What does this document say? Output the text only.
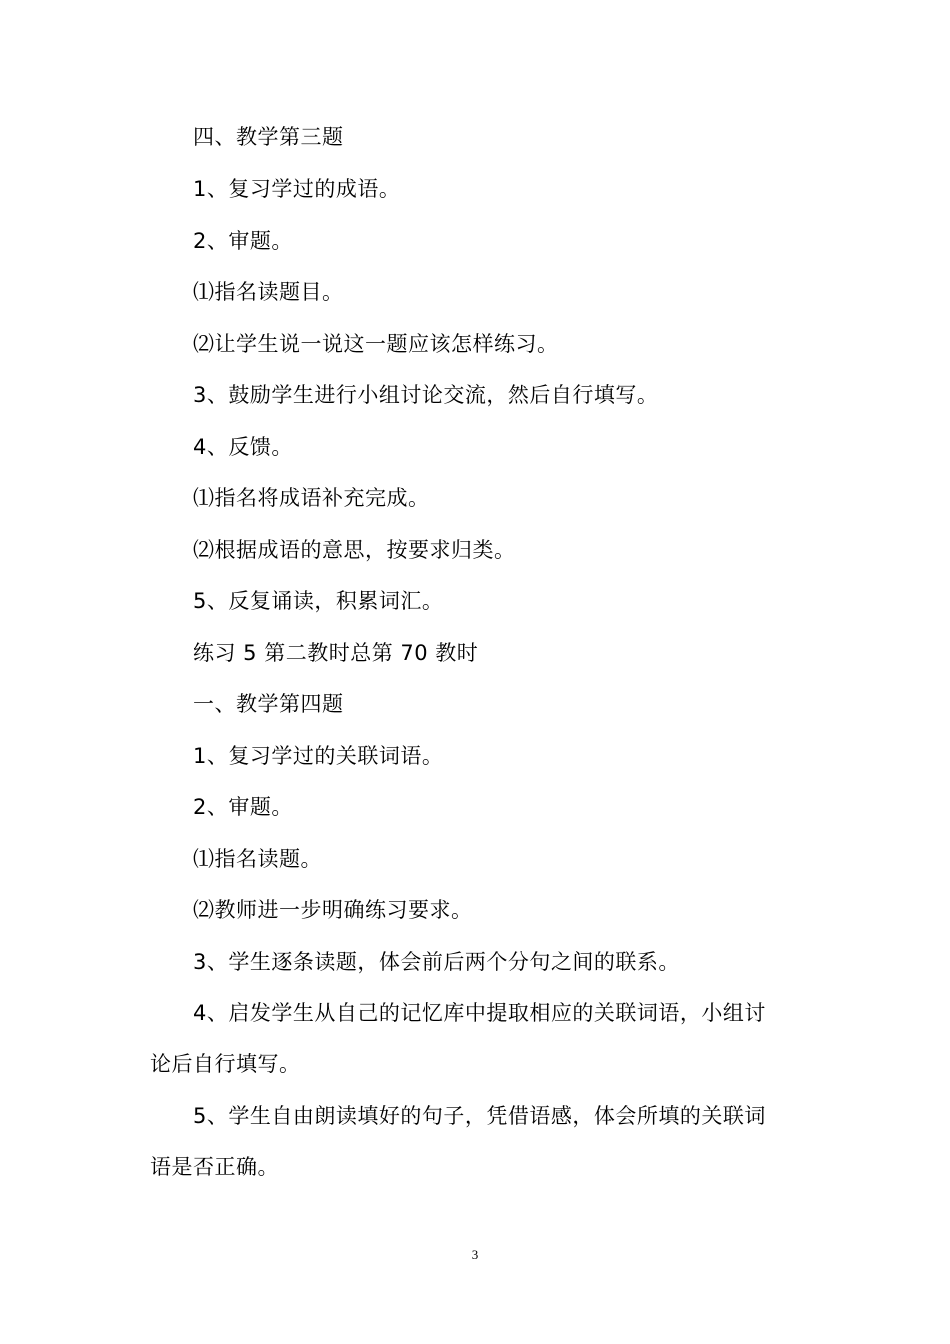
四、教学第三题
1、复习学过的成语。
2、审题。
⑴指名读题目。
⑵让学生说一说这一题应该怎样练习。
3、鼓励学生进行小组讨论交流，然后自行填写。
4、反馈。
⑴指名将成语补充完成。
⑵根据成语的意思，按要求归类。
5、反复诵读，积累词汇。
练习 5 第二教时总第 70 教时
一、教学第四题
1、复习学过的关联词语。
2、审题。
⑴指名读题。
⑵教师进一步明确练习要求。
3、学生逐条读题，体会前后两个分句之间的联系。
4、启发学生从自己的记忆库中提取相应的关联词语，小组讨
论后自行填写。
5、学生自由朗读填好的句子，凭借语感，体会所填的关联词
语是否正确。
3
